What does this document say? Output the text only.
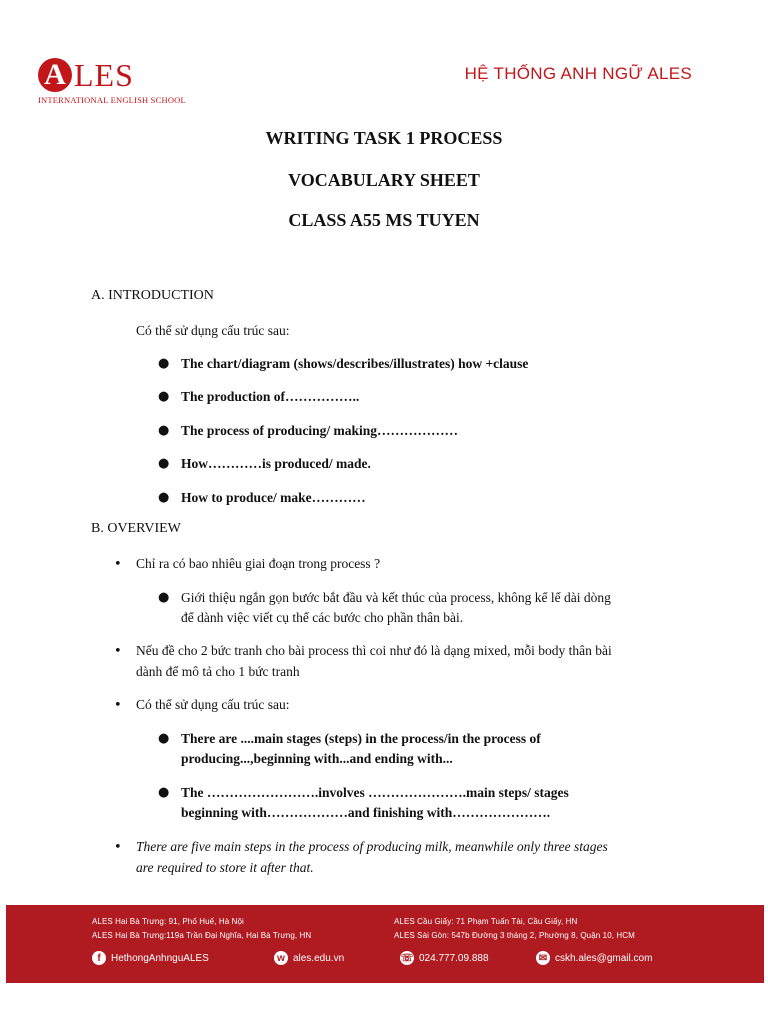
A LES
INTERNATIONAL ENGLISH SCHOOL
HỆ THỐNG ANH NGỮ ALES
WRITING TASK 1 PROCESS
VOCABULARY SHEET
CLASS A55 MS TUYEN
A. INTRODUCTION
Có thể sử dụng cấu trúc sau:
● The chart/diagram (shows/describes/illustrates) how +clause
● The production of……………..
● The process of producing/ making………………
● How…………is produced/ made.
● How to produce/ make…………
B. OVERVIEW
• Chỉ ra có bao nhiêu giai đoạn trong process ?
● Giới thiệu ngắn gọn bước bắt đầu và kết thúc của process, không kể lể dài dòng
để dành việc viết cụ thể các bước cho phần thân bài.
• Nếu đề cho 2 bức tranh cho bài process thì coi như đó là dạng mixed, mỗi body thân bài
dành để mô tả cho 1 bức tranh
• Có thể sử dụng cấu trúc sau:
● There are ....main stages (steps) in the process/in the process of
producing...,beginning with...and ending with...
● The …………………….involves ………………….main steps/ stages
beginning with………………and finishing with………………….
• There are five main steps in the process of producing milk, meanwhile only three stages
are required to store it after that.
ALES Hai Bà Trưng: 91, Phố Huế, Hà Nội
ALES Hai Bà Trưng:119a Trần Đại Nghĩa, Hai Bà Trưng, HN
ALES Cầu Giấy: 71 Phạm Tuấn Tài, Cầu Giấy, HN
ALES Sài Gòn: 547b Đường 3 tháng 2, Phường 8, Quận 10, HCM
f	HethongAnhnguALES	w ales.edu.vn	☏ 024.777.09.888	✉ cskh.ales@gmail.com
